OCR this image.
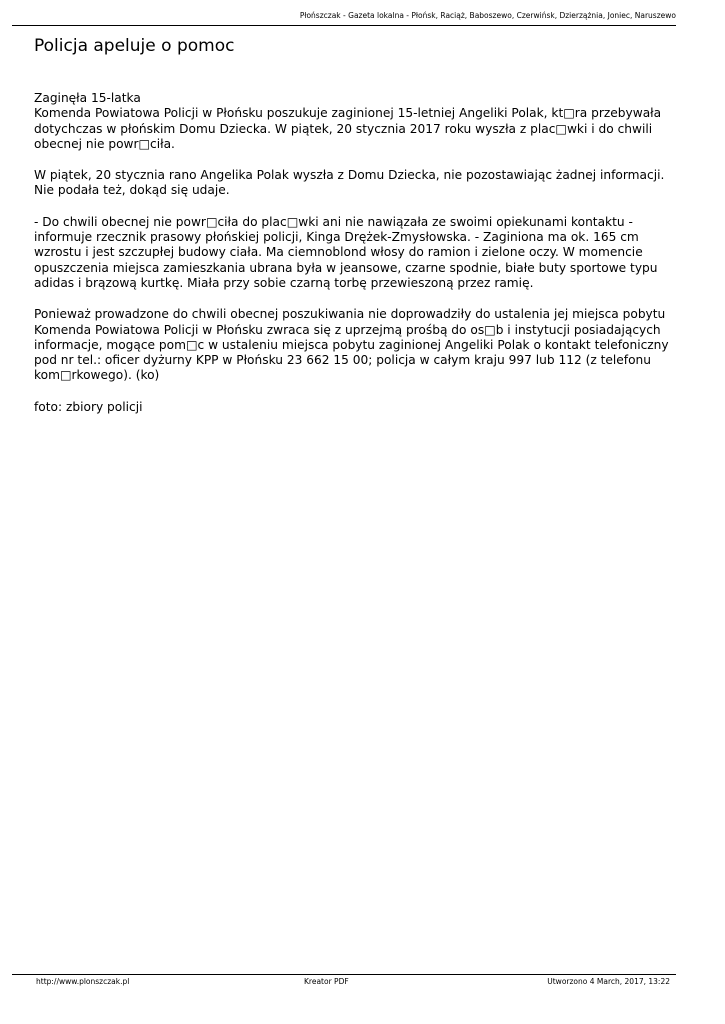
Płońszczak - Gazeta lokalna - Płońsk, Raciąż, Baboszewo, Czerwińsk, Dzierzążnia, Joniec, Naruszewo
Policja apeluje o pomoc

Zaginęła 15-latka
Komenda Powiatowa Policji w Płońsku poszukuje zaginionej 15-letniej Angeliki Polak, kt□ra przebywała
dotychczas w płońskim Domu Dziecka. W piątek, 20 stycznia 2017 roku wyszła z plac□wki i do chwili
obecnej nie powr□ciła.

W piątek, 20 stycznia rano Angelika Polak wyszła z Domu Dziecka, nie pozostawiając żadnej informacji.
Nie podała też, dokąd się udaje.

- Do chwili obecnej nie powr□ciła do plac□wki ani nie nawiązała ze swoimi opiekunami kontaktu -
informuje rzecznik prasowy płońskiej policji, Kinga Drężek-Zmysłowska. - Zaginiona ma ok. 165 cm
wzrostu i jest szczupłej budowy ciała. Ma ciemnoblond włosy do ramion i zielone oczy. W momencie
opuszczenia miejsca zamieszkania ubrana była w jeansowe, czarne spodnie, białe buty sportowe typu
adidas i brązową kurtkę. Miała przy sobie czarną torbę przewieszoną przez ramię.

Ponieważ prowadzone do chwili obecnej poszukiwania nie doprowadziły do ustalenia jej miejsca pobytu
Komenda Powiatowa Policji w Płońsku zwraca się z uprzejmą prośbą do os□b i instytucji posiadających
informacje, mogące pom□c w ustaleniu miejsca pobytu zaginionej Angeliki Polak o kontakt telefoniczny
pod nr tel.: oficer dyżurny KPP w Płońsku 23 662 15 00; policja w całym kraju 997 lub 112 (z telefonu
kom□rkowego). (ko)

foto: zbiory policji

http://www.plonszczak.pl	Kreator PDF	Utworzono 4 March, 2017, 13:22
